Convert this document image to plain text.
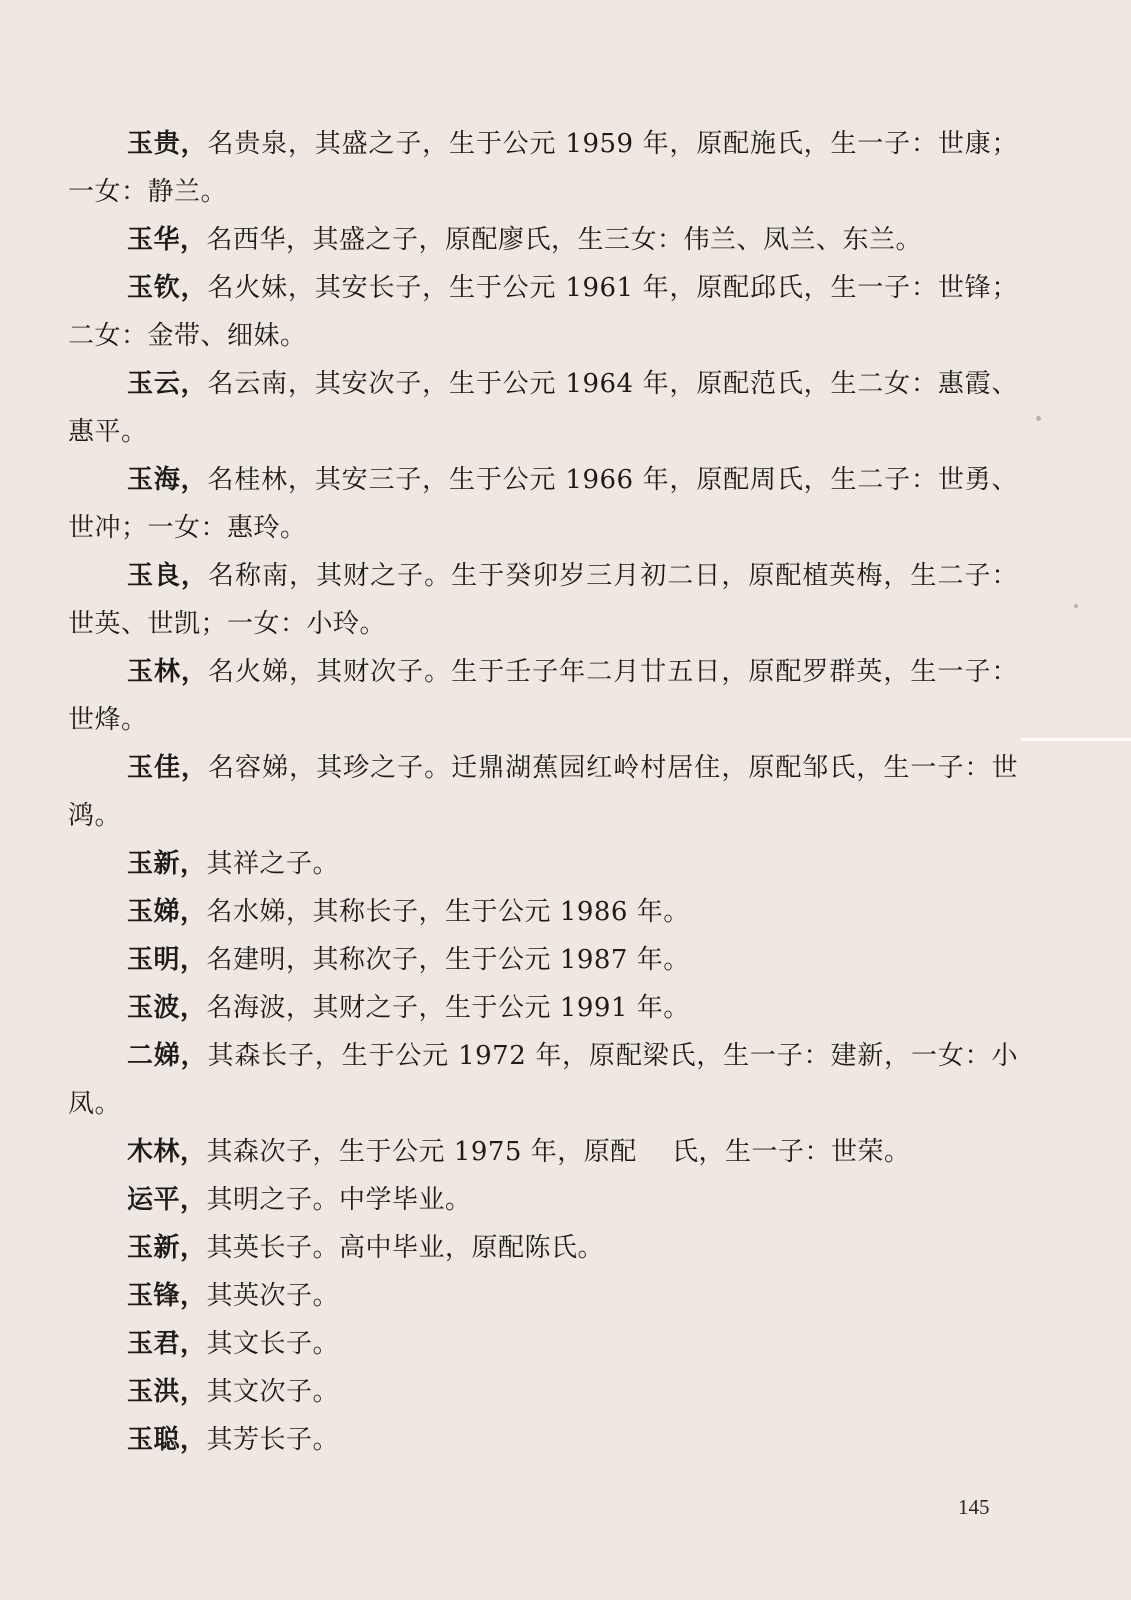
玉贵，名贵泉，其盛之子，生于公元 1959 年，原配施氏，生一子：世康；一女：静兰。

玉华，名西华，其盛之子，原配廖氏，生三女：伟兰、凤兰、东兰。

玉钦，名火妹，其安长子，生于公元 1961 年，原配邱氏，生一子：世锋；二女：金带、细妹。

玉云，名云南，其安次子，生于公元 1964 年，原配范氏，生二女：惠霞、惠平。

玉海，名桂林，其安三子，生于公元 1966 年，原配周氏，生二子：世勇、世冲；一女：惠玲。

玉良，名称南，其财之子。生于癸卯岁三月初二日，原配植英梅，生二子：世英、世凯；一女：小玲。

玉林，名火娣，其财次子。生于壬子年二月廿五日，原配罗群英，生一子：世烽。

玉佳，名容娣，其珍之子。迁鼎湖蕉园红岭村居住，原配邹氏，生一子：世鸿。

玉新，其祥之子。

玉娣，名水娣，其称长子，生于公元 1986 年。

玉明，名建明，其称次子，生于公元 1987 年。

玉波，名海波，其财之子，生于公元 1991 年。

二娣，其森长子，生于公元 1972 年，原配梁氏，生一子：建新，一女：小凤。

木林，其森次子，生于公元 1975 年，原配　 氏，生一子：世荣。

运平，其明之子。中学毕业。

玉新，其英长子。高中毕业，原配陈氏。

玉锋，其英次子。

玉君，其文长子。

玉洪，其文次子。

玉聪，其芳长子。

145
